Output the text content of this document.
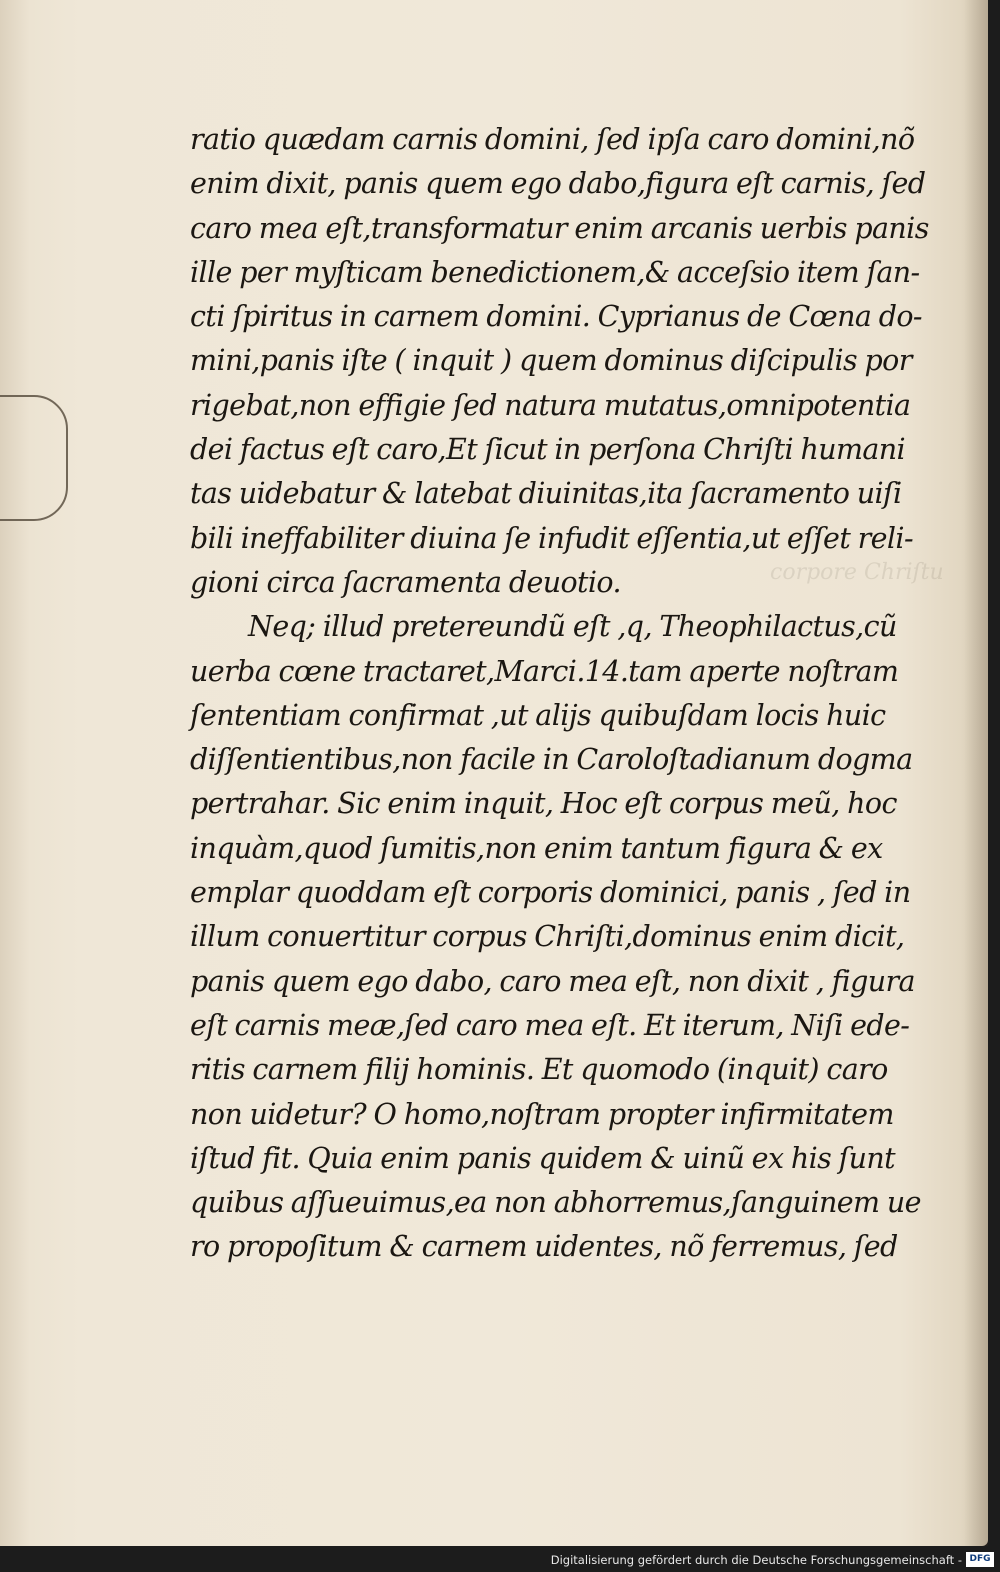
corpore Chriſtu
ratio quædam carnis domini, ſed ipſa caro domini,nõ
enim dixit, panis quem ego dabo,figura eſt carnis, ſed
caro mea eſt,transformatur enim arcanis uerbis panis
ille per myſticam benedictionem,& acceſsio item ſan-
cti ſpiritus in carnem domini. Cyprianus de Cœna do-
mini,panis iſte ( inquit ) quem dominus diſcipulis por
rigebat,non effigie ſed natura mutatus,omnipotentia
dei factus eſt caro,Et ſicut in perſona Chriſti humani
tas uidebatur & latebat diuinitas,ita ſacramento uiſi
bili ineffabiliter diuina ſe infudit eſſentia,ut eſſet reli-
gioni circa ſacramenta deuotio.
Neq; illud pretereundũ eſt ,q, Theophilactus,cũ
uerba cœne tractaret,Marci.14.tam aperte noſtram
ſententiam confirmat ,ut alijs quibuſdam locis huic
diſſentientibus,non facile in Caroloſtadianum dogma
pertrahar. Sic enim inquit, Hoc eſt corpus meũ, hoc
inquàm,quod ſumitis,non enim tantum figura & ex
emplar quoddam eſt corporis dominici, panis , ſed in
illum conuertitur corpus Chriſti,dominus enim dicit,
panis quem ego dabo, caro mea eſt, non dixit , figura
eſt carnis meæ,ſed caro mea eſt. Et iterum, Niſi ede-
ritis carnem filij hominis. Et quomodo (inquit) caro
non uidetur? O homo,noſtram propter infirmitatem
iſtud fit. Quia enim panis quidem & uinũ ex his ſunt
quibus aſſueuimus,ea non abhorremus,ſanguinem ue
ro propoſitum & carnem uidentes, nõ ferremus, ſed
Digitalisierung gefördert durch die Deutsche Forschungsgemeinschaft - DFG
